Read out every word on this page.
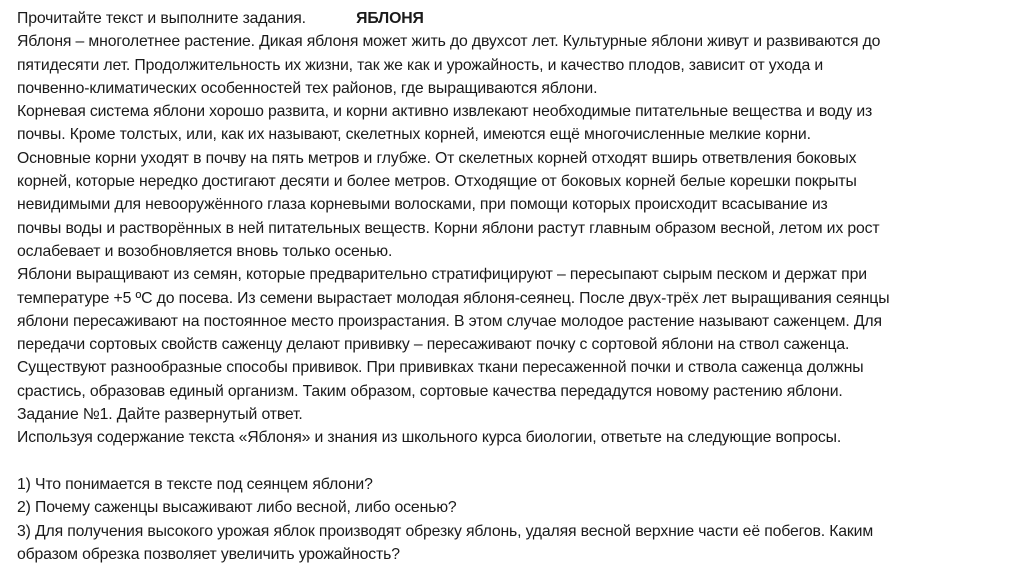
Прочитайте текст и выполните задания.	ЯБЛОНЯ
Яблоня – многолетнее растение. Дикая яблоня может жить до двухсот лет. Культурные яблони живут и развиваются до
пятидесяти лет. Продолжительность их жизни, так же как и урожайность, и качество плодов, зависит от ухода и
почвенно-климатических особенностей тех районов, где выращиваются яблони.
Корневая система яблони хорошо развита, и корни активно извлекают необходимые питательные вещества и воду из
почвы. Кроме толстых, или, как их называют, скелетных корней, имеются ещё многочисленные мелкие корни.
Основные корни уходят в почву на пять метров и глубже. От скелетных корней отходят вширь ответвления боковых
корней, которые нередко достигают десяти и более метров. Отходящие от боковых корней белые корешки покрыты
невидимыми для невооружённого глаза корневыми волосками, при помощи которых происходит всасывание из
почвы воды и растворённых в ней питательных веществ. Корни яблони растут главным образом весной, летом их рост
ослабевает и возобновляется вновь только осенью.
Яблони выращивают из семян, которые предварительно стратифицируют – пересыпают сырым песком и держат при
температуре +5 ºС до посева. Из семени вырастает молодая яблоня-сеянец. После двух-трёх лет выращивания сеянцы
яблони пересаживают на постоянное место произрастания. В этом случае молодое растение называют саженцем. Для
передачи сортовых свойств саженцу делают прививку – пересаживают почку с сортовой яблони на ствол саженца.
Существуют разнообразные способы прививок. При прививках ткани пересаженной почки и ствола саженца должны
срастись, образовав единый организм. Таким образом, сортовые качества передадутся новому растению яблони.
Задание №1. Дайте развернутый ответ.
Используя содержание текста «Яблоня» и знания из школьного курса биологии, ответьте на следующие вопросы.
1) Что понимается в тексте под сеянцем яблони?
2) Почему саженцы высаживают либо весной, либо осенью?
3) Для получения высокого урожая яблок производят обрезку яблонь, удаляя весной верхние части её побегов. Каким
образом обрезка позволяет увеличить урожайность?
